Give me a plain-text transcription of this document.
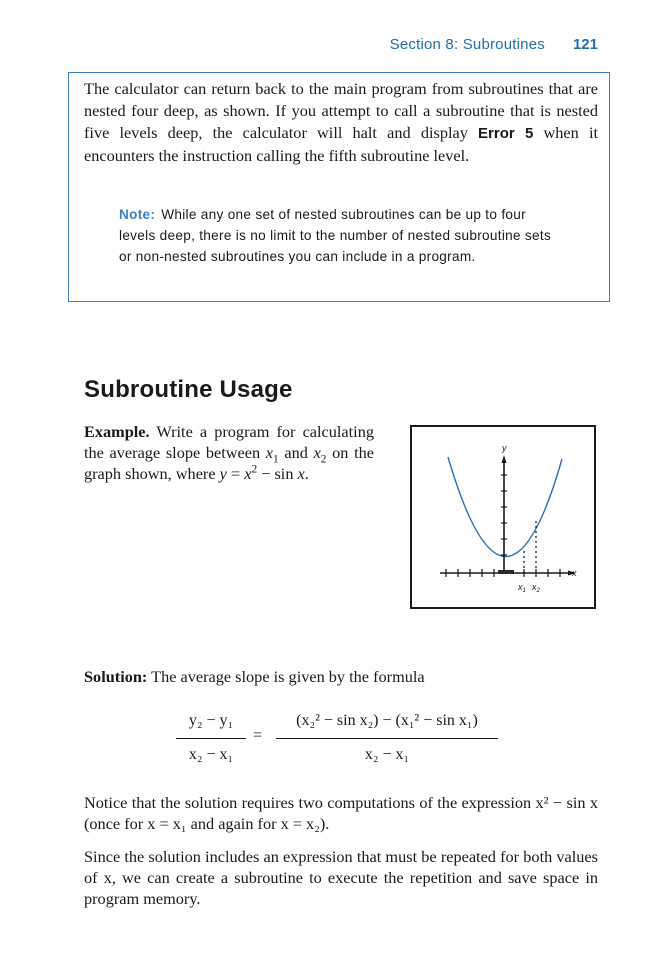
Section 8: Subroutines 121
The calculator can return back to the main program from subroutines that are nested four deep, as shown. If you attempt to call a subroutine that is nested five levels deep, the calculator will halt and display Error 5 when it encounters the instruction calling the fifth subroutine level.
Note: While any one set of nested subroutines can be up to four levels deep, there is no limit to the number of nested subroutine sets or non-nested subroutines you can include in a program.
Subroutine Usage
Example. Write a program for calculating the average slope between $x_1$ and $x_2$ on the graph shown, where $y = x^2 - \sin x$.
y
x
$x_1$ $x_2$
Solution: The average slope is given by the formula
y₂ − y₁
x₂ − x₁
=
(x₂² − sin x₂) − (x₁² − sin x₁)
x₂ − x₁
Notice that the solution requires two computations of the expression x² − sin x (once for x = x₁ and again for x = x₂).
Since the solution includes an expression that must be repeated for both values of x, we can create a subroutine to execute the repetition and save space in program memory.
